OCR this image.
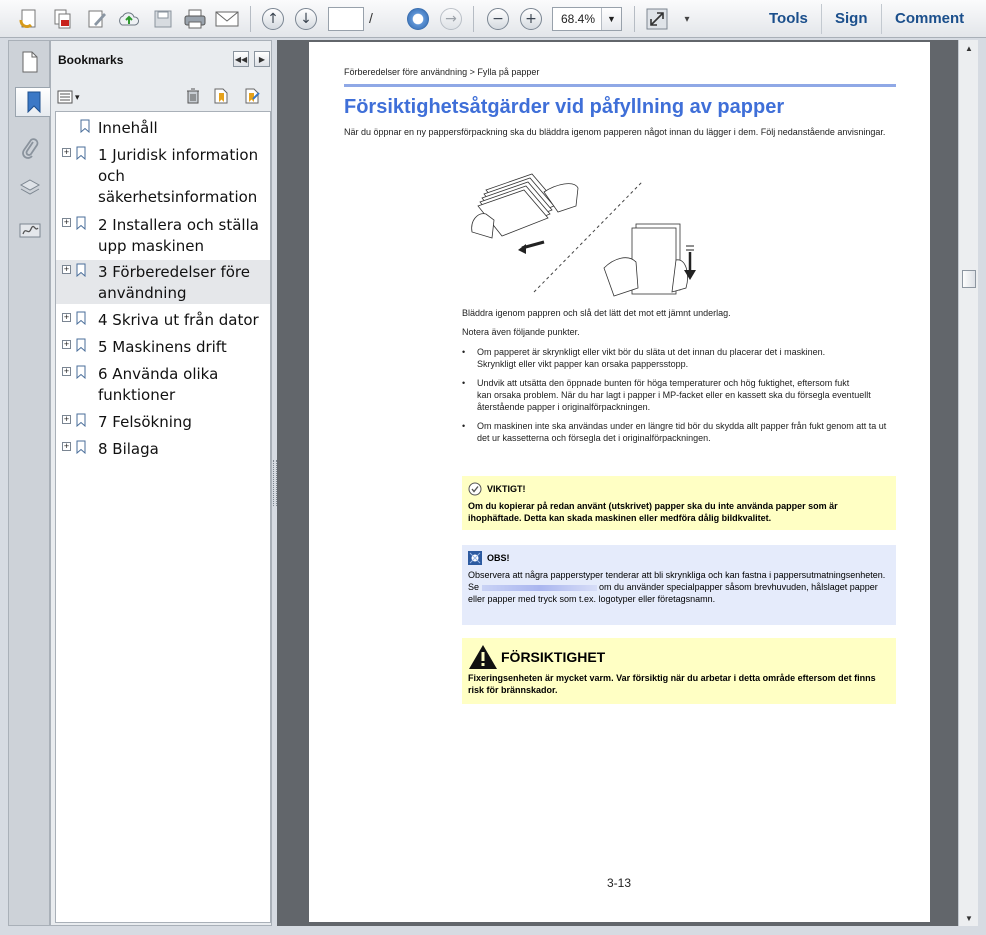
↑	↓	/	→	−	+	68.4%	▼	▾	Tools Sign Comment
Bookmarks	◀◀ ▶
▾
Innehåll
+ 1 Juridisk information och säkerhetsinformation
+ 2 Installera och ställa upp maskinen
+ 3 Förberedelser före användning
+ 4 Skriva ut från dator
+ 5 Maskinens drift
+ 6 Använda olika funktioner
+ 7 Felsökning
+ 8 Bilaga
Förberedelser före användning > Fylla på papper
Försiktighetsåtgärder vid påfyllning av papper
När du öppnar en ny pappersförpackning ska du bläddra igenom papperen något innan du lägger i dem. Följ nedanstående anvisningar.
Bläddra igenom pappren och slå det lätt det mot ett jämnt underlag.
Notera även följande punkter.
• Om papperet är skrynkligt eller vikt bör du släta ut det innan du placerar det i maskinen.
Skrynkligt eller vikt papper kan orsaka pappersstopp.
• Undvik att utsätta den öppnade bunten för höga temperaturer och hög fuktighet, eftersom fukt
kan orsaka problem. När du har lagt i papper i MP-facket eller en kassett ska du försegla eventuellt återstående papper i originalförpackningen.
• Om maskinen inte ska användas under en längre tid bör du skydda allt papper från fukt genom att ta ut det ur kassetterna och försegla det i originalförpackningen.
VIKTIGT!
Om du kopierar på redan använt (utskrivet) papper ska du inte använda papper som är ihophäftade. Detta kan skada maskinen eller medföra dålig bildkvalitet.
OBS!
Observera att några papperstyper tenderar att bli skrynkliga och kan fastna i pappersutmatningsenheten.
Se	om du använder specialpapper såsom brevhuvuden, hålslaget papper eller papper med tryck som t.ex. logotyper eller företagsnamn.
FÖRSIKTIGHET
Fixeringsenheten är mycket varm. Var försiktig när du arbetar i detta område eftersom det finns risk för brännskador.
3-13
▲
▼
